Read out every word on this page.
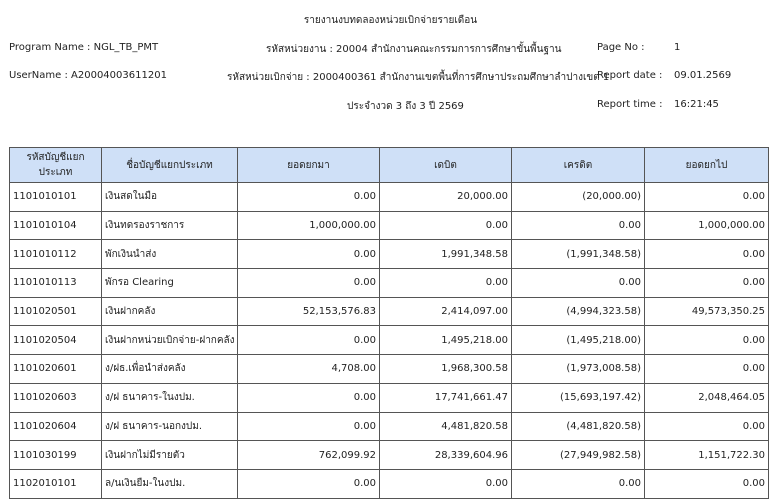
รายงานงบทดลองหน่วยเบิกจ่ายรายเดือน
Program Name : NGL_TB_PMT	รหัสหน่วยงาน : 20004 สำนักงานคณะกรรมการการศึกษาขั้นพื้นฐาน	Page No :	1
UserName : A20004003611201	รหัสหน่วยเบิกจ่าย : 2000400361 สำนักงานเขตพื้นที่การศึกษาประถมศึกษาลำปางเขต 1
Report date : 09.01.2569
ประจำงวด 3 ถึง 3 ปี 2569	Report time : 16:21:45
รหัสบัญชีแยกประเภท	ชื่อบัญชีแยกประเภท	ยอดยกมา	เดบิต	เครดิต	ยอดยกไป
1101010101	เงินสดในมือ	0.00	20,000.00	(20,000.00)	0.00
1101010104	เงินทดรองราชการ	1,000,000.00	0.00	0.00	1,000,000.00
1101010112	พักเงินนำส่ง	0.00	1,991,348.58	(1,991,348.58)	0.00
1101010113	พักรอ Clearing	0.00	0.00	0.00	0.00
1101020501	เงินฝากคลัง	52,153,576.83	2,414,097.00	(4,994,323.58)	49,573,350.25
1101020504	เงินฝากหน่วยเบิกจ่าย-ฝากคลัง	0.00	1,495,218.00	(1,495,218.00)	0.00
1101020601	ง/ฝธ.เพื่อนำส่งคลัง	4,708.00	1,968,300.58	(1,973,008.58)	0.00
1101020603	ง/ฝ ธนาคาร-ในงปม.	0.00	17,741,661.47	(15,693,197.42)	2,048,464.05
1101020604	ง/ฝ ธนาคาร-นอกงปม.	0.00	4,481,820.58	(4,481,820.58)	0.00
1101030199	เงินฝากไม่มีรายตัว	762,099.92	28,339,604.96	(27,949,982.58)	1,151,722.30
1102010101	ล/นเงินยืม-ในงปม.	0.00	0.00	0.00	0.00
